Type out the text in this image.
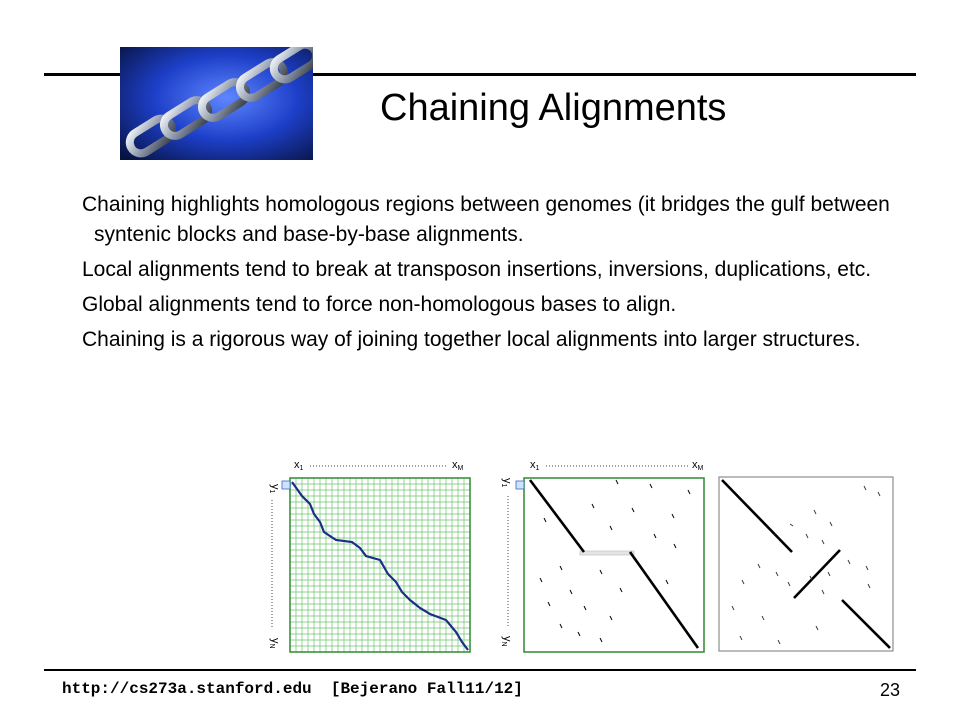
Chaining Alignments

Chaining highlights homologous regions between genomes (it bridges the gulf between syntenic blocks and base-by-base alignments.

Local alignments tend to break at transposon insertions, inversions, duplications, etc.

Global alignments tend to force non-homologous bases to align.

Chaining is a rigorous way of joining together local alignments into larger structures.

x1	xM
y1
yN
x1	xM
y1
yN
http://cs273a.stanford.edu  [Bejerano Fall11/12]	23
